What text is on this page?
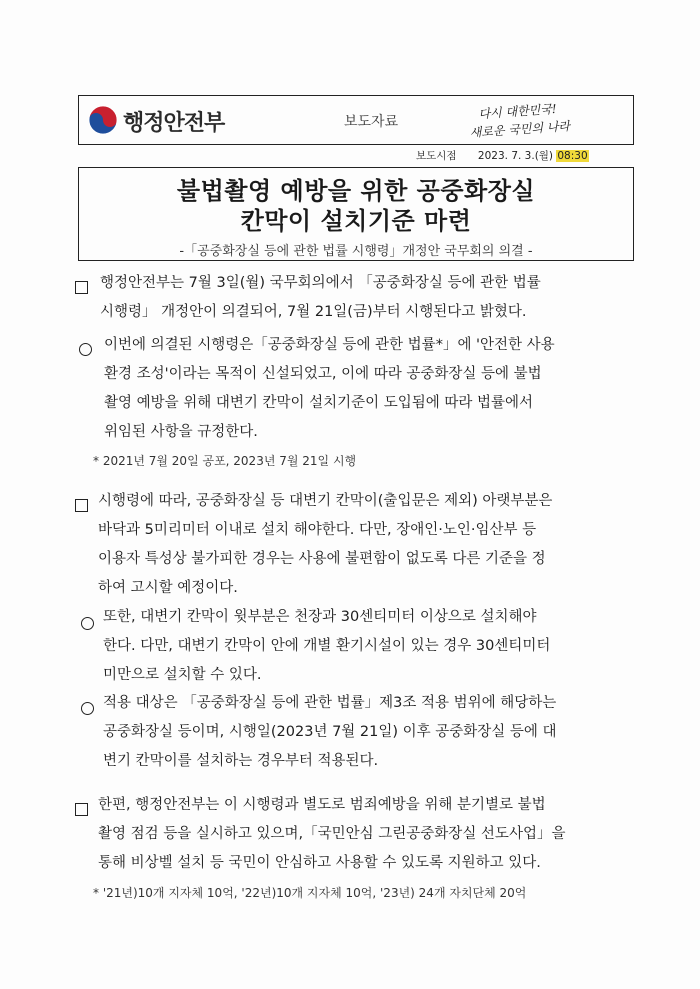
행정안전부	보도자료
다시 대한민국!
새로운 국민의 나라
보도시점 2023. 7. 3.(월) 08:30
불법촬영 예방을 위한 공중화장실
칸막이 설치기준 마련
-「공중화장실 등에 관한 법률 시행령」개정안 국무회의 의결 -
행정안전부는 7월 3일(월) 국무회의에서 「공중화장실 등에 관한 법률
시행령」 개정안이 의결되어, 7월 21일(금)부터 시행된다고 밝혔다.
이번에 의결된 시행령은「공중화장실 등에 관한 법률*」에 '안전한 사용
환경 조성'이라는 목적이 신설되었고, 이에 따라 공중화장실 등에 불법
촬영 예방을 위해 대변기 칸막이 설치기준이 도입됨에 따라 법률에서
위임된 사항을 규정한다.
* 2021년 7월 20일 공포, 2023년 7월 21일 시행
시행령에 따라, 공중화장실 등 대변기 칸막이(출입문은 제외) 아랫부분은
바닥과 5미리미터 이내로 설치 해야한다. 다만, 장애인·노인·임산부 등
이용자 특성상 불가피한 경우는 사용에 불편함이 없도록 다른 기준을 정
하여 고시할 예정이다.
또한, 대변기 칸막이 윗부분은 천장과 30센티미터 이상으로 설치해야
한다. 다만, 대변기 칸막이 안에 개별 환기시설이 있는 경우 30센티미터
미만으로 설치할 수 있다.
적용 대상은 「공중화장실 등에 관한 법률」제3조 적용 범위에 해당하는
공중화장실 등이며, 시행일(2023년 7월 21일) 이후 공중화장실 등에 대
변기 칸막이를 설치하는 경우부터 적용된다.
한편, 행정안전부는 이 시행령과 별도로 범죄예방을 위해 분기별로 불법
촬영 점검 등을 실시하고 있으며,「국민안심 그린공중화장실 선도사업」을
통해 비상벨 설치 등 국민이 안심하고 사용할 수 있도록 지원하고 있다.
* '21년)10개 지자체 10억, '22년)10개 지자체 10억, '23년) 24개 자치단체 20억
